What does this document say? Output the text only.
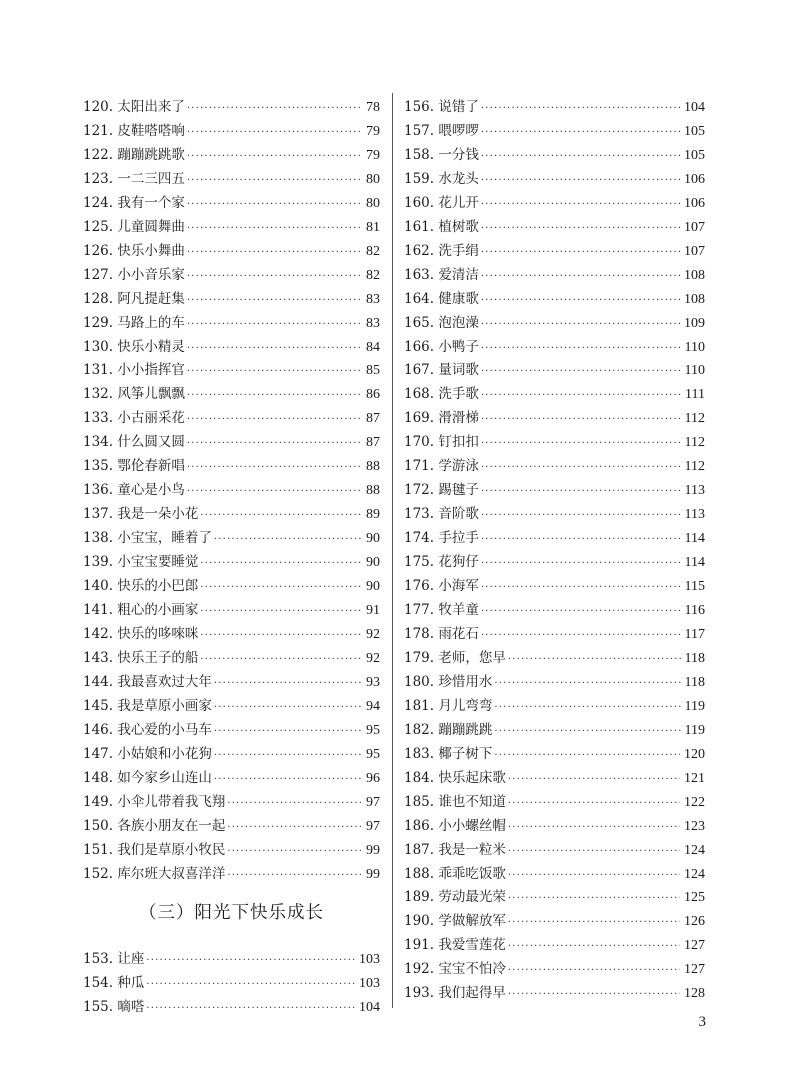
120. 太阳出来了 ·····	78
121. 皮鞋嗒嗒响 ·····	79
122. 蹦蹦跳跳歌 ·····	79
123. 一二三四五 ·····	80
124. 我有一个家 ·····	80
125. 儿童圆舞曲 ·····	81
126. 快乐小舞曲 ·····	82
127. 小小音乐家 ·····	82
128. 阿凡提赶集 ·····	83
129. 马路上的车 ·····	83
130. 快乐小精灵 ·····	84
131. 小小指挥官 ·····	85
132. 风筝儿飘飘 ·····	86
133. 小古丽采花 ·····	87
134. 什么圆又圆 ·····	87
135. 鄂伦春新唱 ·····	88
136. 童心是小鸟 ·····	88
137. 我是一朵小花 ·····	89
138. 小宝宝，睡着了 ·····	90
139. 小宝宝要睡觉 ·····	90
140. 快乐的小巴郎 ·····	90
141. 粗心的小画家 ·····	91
142. 快乐的哆唻咪 ·····	92
143. 快乐王子的船 ·····	92
144. 我最喜欢过大年 ·····	93
145. 我是草原小画家 ·····	94
146. 我心爱的小马车 ·····	95
147. 小姑娘和小花狗 ·····	95
148. 如今家乡山连山 ·····	96
149. 小伞儿带着我飞翔 ·····	97
150. 各族小朋友在一起 ·····	97
151. 我们是草原小牧民 ·····	99
152. 库尔班大叔喜洋洋 ·····	99
（三）阳光下快乐成长
153. 让座 ·····	103
154. 种瓜 ·····	103
155. 嘀嗒 ·····	104
156. 说错了 ·····	104
157. 喂啰啰 ·····	105
158. 一分钱 ·····	105
159. 水龙头 ·····	106
160. 花儿开 ·····	106
161. 植树歌 ·····	107
162. 洗手绢 ·····	107
163. 爱清洁 ·····	108
164. 健康歌 ·····	108
165. 泡泡澡 ·····	109
166. 小鸭子 ·····	110
167. 量词歌 ·····	110
168. 洗手歌 ·····	111
169. 滑滑梯 ·····	112
170. 钉扣扣 ·····	112
171. 学游泳 ·····	112
172. 踢毽子 ·····	113
173. 音阶歌 ·····	113
174. 手拉手 ·····	114
175. 花狗仔 ·····	114
176. 小海军 ·····	115
177. 牧羊童 ·····	116
178. 雨花石 ·····	117
179. 老师，您早 ·····	118
180. 珍惜用水 ·····	118
181. 月儿弯弯 ·····	119
182. 蹦蹦跳跳 ·····	119
183. 椰子树下 ·····	120
184. 快乐起床歌 ·····	121
185. 谁也不知道 ·····	122
186. 小小螺丝帽 ·····	123
187. 我是一粒米 ·····	124
188. 乖乖吃饭歌 ·····	124
189. 劳动最光荣 ·····	125
190. 学做解放军 ·····	126
191. 我爱雪莲花 ·····	127
192. 宝宝不怕冷 ·····	127
193. 我们起得早 ·····	128
3
